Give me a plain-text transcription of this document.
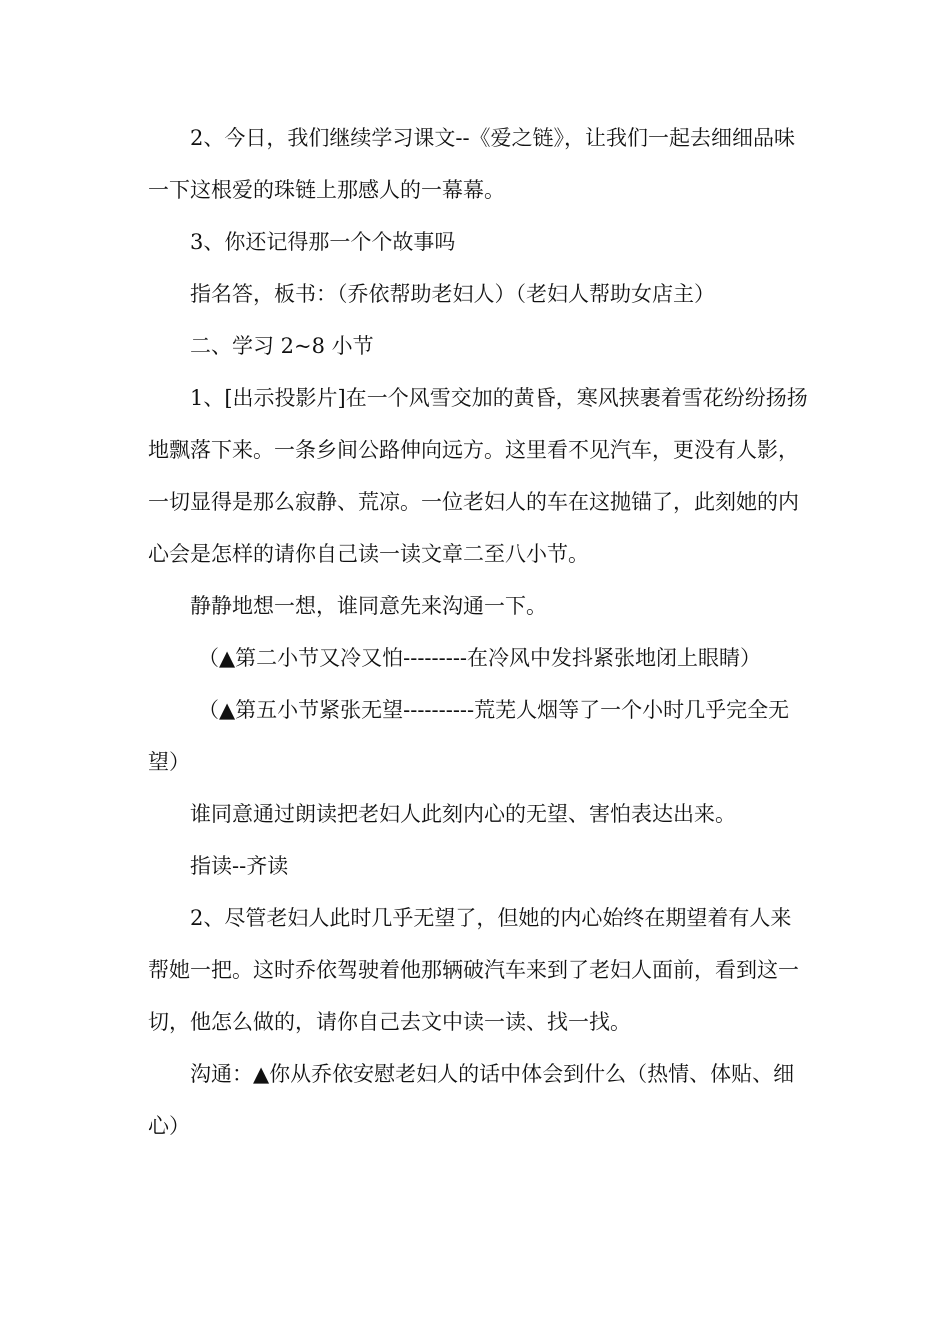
2、今日，我们继续学习课文--《爱之链》，让我们一起去细细品味一下这根爱的珠链上那感人的一幕幕。

3、你还记得那一个个故事吗

指名答，板书：（乔依帮助老妇人）（老妇人帮助女店主）

二、学习 2~8 小节

1、[出示投影片]在一个风雪交加的黄昏，寒风挟裹着雪花纷纷扬扬地飘落下来。一条乡间公路伸向远方。这里看不见汽车，更没有人影，一切显得是那么寂静、荒凉。一位老妇人的车在这抛锚了，此刻她的内心会是怎样的请你自己读一读文章二至八小节。

静静地想一想，谁同意先来沟通一下。

（▲第二小节又冷又怕---------在冷风中发抖紧张地闭上眼睛）

（▲第五小节紧张无望----------荒芜人烟等了一个小时几乎完全无望）

谁同意通过朗读把老妇人此刻内心的无望、害怕表达出来。

指读--齐读

2、尽管老妇人此时几乎无望了，但她的内心始终在期望着有人来帮她一把。这时乔依驾驶着他那辆破汽车来到了老妇人面前，看到这一切，他怎么做的，请你自己去文中读一读、找一找。

沟通：▲你从乔依安慰老妇人的话中体会到什么（热情、体贴、细心）
